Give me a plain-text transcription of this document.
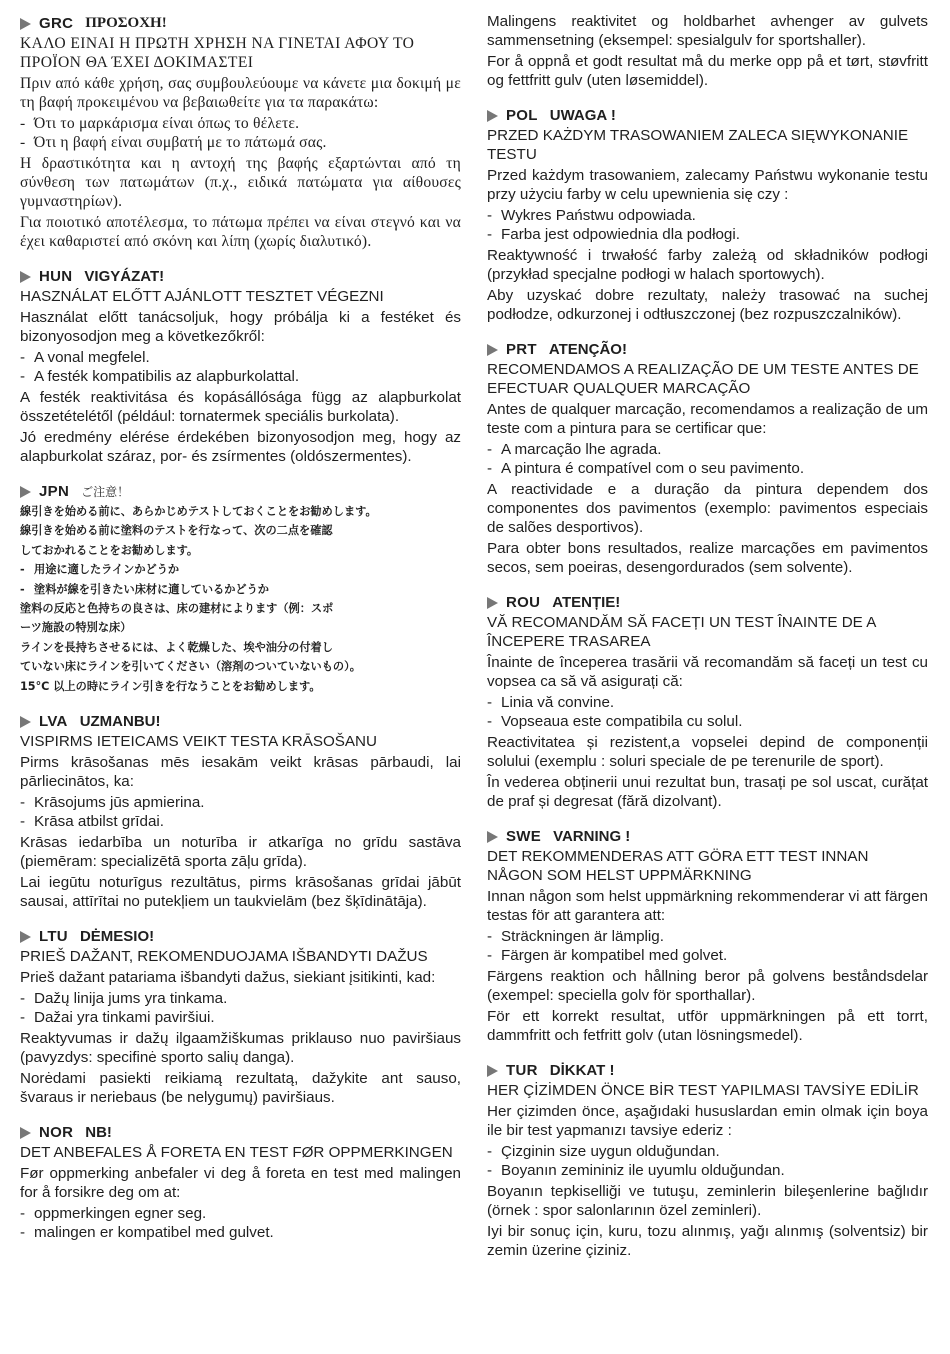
GRC ΠΡΟΣΟΧΗ!
ΚΑΛΟ ΕΙΝΑΙ Η ΠΡΩΤΗ ΧΡΗΣΗ ΝΑ ΓΙΝΕΤΑΙ ΑΦΟΥ ΤΟ ΠΡΟΪΟΝ ΘΑ ΈΧΕΙ ΔΟΚΙΜΑΣΤΕΙ

Πριν από κάθε χρήση, σας συμβουλεύουμε να κάνετε μια δοκιμή με τη βαφή προκειμένου να βεβαιωθείτε για τα παρακάτω:

- Ότι το μαρκάρισμα είναι όπως το θέλετε.
- Ότι η βαφή είναι συμβατή με το πάτωμά σας.

Η δραστικότητα και η αντοχή της βαφής εξαρτώνται από τη σύνθεση των πατωμάτων (π.χ., ειδικά πατώματα για αίθουσες γυμναστηρίων).

Για ποιοτικό αποτέλεσμα, το πάτωμα πρέπει να είναι στεγνό και να έχει καθαριστεί από σκόνη και λίπη (χωρίς διαλυτικό).

HUN VIGYÁZAT!
HASZNÁLAT ELŐTT AJÁNLOTT TESZTET VÉGEZNI

Használat előtt tanácsoljuk, hogy próbálja ki a festéket és bizonyosodjon meg a következőkről:

- A vonal megfelel.
- A festék kompatibilis az alapburkolattal.

A festék reaktivitása és kopásállósága függ az alapburkolat összetételétől (például: tornatermek speciális burkolata).

Jó eredmény elérése érdekében bizonyosodjon meg, hogy az alapburkolat száraz, por- és zsírmentes (oldószermentes).

JPN ご注意！

線引きを始める前に、あらかじめテストしておくことをお勧めします。

線引きを始める前に塗料のテストを行なって、次の二点を確認

しておかれることをお勧めします。

- 用途に適したラインかどうか
- 塗料が線を引きたい床材に適しているかどうか

塗料の反応と色持ちの良さは、床の建材によります（例：スポ

ーツ施設の特別な床）

ラインを長持ちさせるには、よく乾燥した、埃や油分の付着し

ていない床にラインを引いてください（溶剤のついていないもの）。

15°C 以上の時にライン引きを行なうことをお勧めします。

LVA UZMANBU!
VISPIRMS IETEICAMS VEIKT TESTA KRĀSOŠANU

Pirms krāsošanas mēs iesakām veikt krāsas pārbaudi, lai pārliecinātos, ka:

- Krāsojums jūs apmierina.
- Krāsa atbilst grīdai.

Krāsas iedarbība un noturība ir atkarīga no grīdu sastāva (piemēram: specializētā sporta zāļu grīda).

Lai iegūtu noturīgus rezultātus, pirms krāsošanas grīdai jābūt sausai, attīrītai no putekļiem un taukvielām (bez šķīdinātāja).

LTU DĖMESIO!
PRIEŠ DAŽANT, REKOMENDUOJAMA IŠBANDYTI DAŽUS

Prieš dažant patariama išbandyti dažus, siekiant įsitikinti, kad:

- Dažų linija jums yra tinkama.
- Dažai yra tinkami paviršiui.

Reaktyvumas ir dažų ilgaamžiškumas priklauso nuo paviršiaus (pavyzdys: specifinė sporto salių danga).

Norėdami pasiekti reikiamą rezultatą, dažykite ant sauso, švaraus ir neriebaus (be nelygumų) paviršiaus.

NOR NB!
DET ANBEFALES Å FORETA EN TEST FØR OPPMERKINGEN

Før oppmerking anbefaler vi deg å foreta en test med malingen for å forsikre deg om at:

- oppmerkingen egner seg.
- malingen er kompatibel med gulvet.

Malingens reaktivitet og holdbarhet avhenger av gulvets sammensetning (eksempel: spesialgulv for sportshaller).

For å oppnå et godt resultat må du merke opp på et tørt, støvfritt og fettfritt gulv (uten løsemiddel).

POL UWAGA !
PRZED KAŻDYM TRASOWANIEM ZALECA SIĘWYKONANIE TESTU

Przed każdym trasowaniem, zalecamy Państwu wykonanie testu przy użyciu farby w celu upewnienia się czy :

- Wykres Państwu odpowiada.
- Farba jest odpowiednia dla podłogi.

Reaktywność i trwałość farby zależą od składników podłogi (przykład specjalne podłogi w halach sportowych).

Aby uzyskać dobre rezultaty, należy trasować na suchej podłodze, odkurzonej i odtłuszczonej (bez rozpuszczalników).

PRT ATENÇÃO!
RECOMENDAMOS A REALIZAÇÃO DE UM TESTE ANTES DE EFECTUAR QUALQUER MARCAÇÃO

Antes de qualquer marcação, recomendamos a realização de um teste com a pintura para se certificar que:

- A marcação lhe agrada.
- A pintura é compatível com o seu pavimento.

A reactividade e a duração da pintura dependem dos componentes dos pavimentos (exemplo: pavimentos especiais de salões desportivos).

Para obter bons resultados, realize marcações em pavimentos secos, sem poeiras, desengordurados (sem solvente).

ROU ATENȚIE!
VĂ RECOMANDĂM SĂ FACEȚI UN TEST ÎNAINTE DE A ÎNCEPERE TRASAREA

Înainte de începerea trasării vă recomandăm să faceți un test cu vopsea ca să vă asigurați că:

- Linia vă convine.
- Vopseaua este compatibila cu solul.

Reactivitatea și rezistent,a vopselei depind de componenții solului (exemplu : soluri speciale de pe terenurile de sport).

În vederea obținerii unui rezultat bun, trasați pe sol uscat, curățat de praf și degresat (fără dizolvant).

SWE VARNING !
DET REKOMMENDERAS ATT GÖRA ETT TEST INNAN NÅGON SOM HELST UPPMÄRKNING

Innan någon som helst uppmärkning rekommenderar vi att färgen testas för att garantera att:

- Sträckningen är lämplig.
- Färgen är kompatibel med golvet.

Färgens reaktion och hållning beror på golvens beståndsdelar (exempel: speciella golv för sporthallar).

För ett korrekt resultat, utför uppmärkningen på ett torrt, dammfritt och fetfritt golv (utan lösningsmedel).

TUR DİKKAT !
HER ÇİZİMDEN ÖNCE BİR TEST YAPILMASI TAVSİYE EDİLİR

Her çizimden önce, aşağıdaki hususlardan emin olmak için boya ile bir test yapmanızı tavsiye ederiz :

- Çizginin size uygun olduğundan.
- Boyanın zemininiz ile uyumlu olduğundan.

Boyanın tepkiselliği ve tutuşu, zeminlerin bileşenlerine bağlıdır (örnek : spor salonlarının özel zeminleri).

Iyi bir sonuç için, kuru, tozu alınmış, yağı alınmış (solventsiz) bir zemin üzerine çiziniz.
